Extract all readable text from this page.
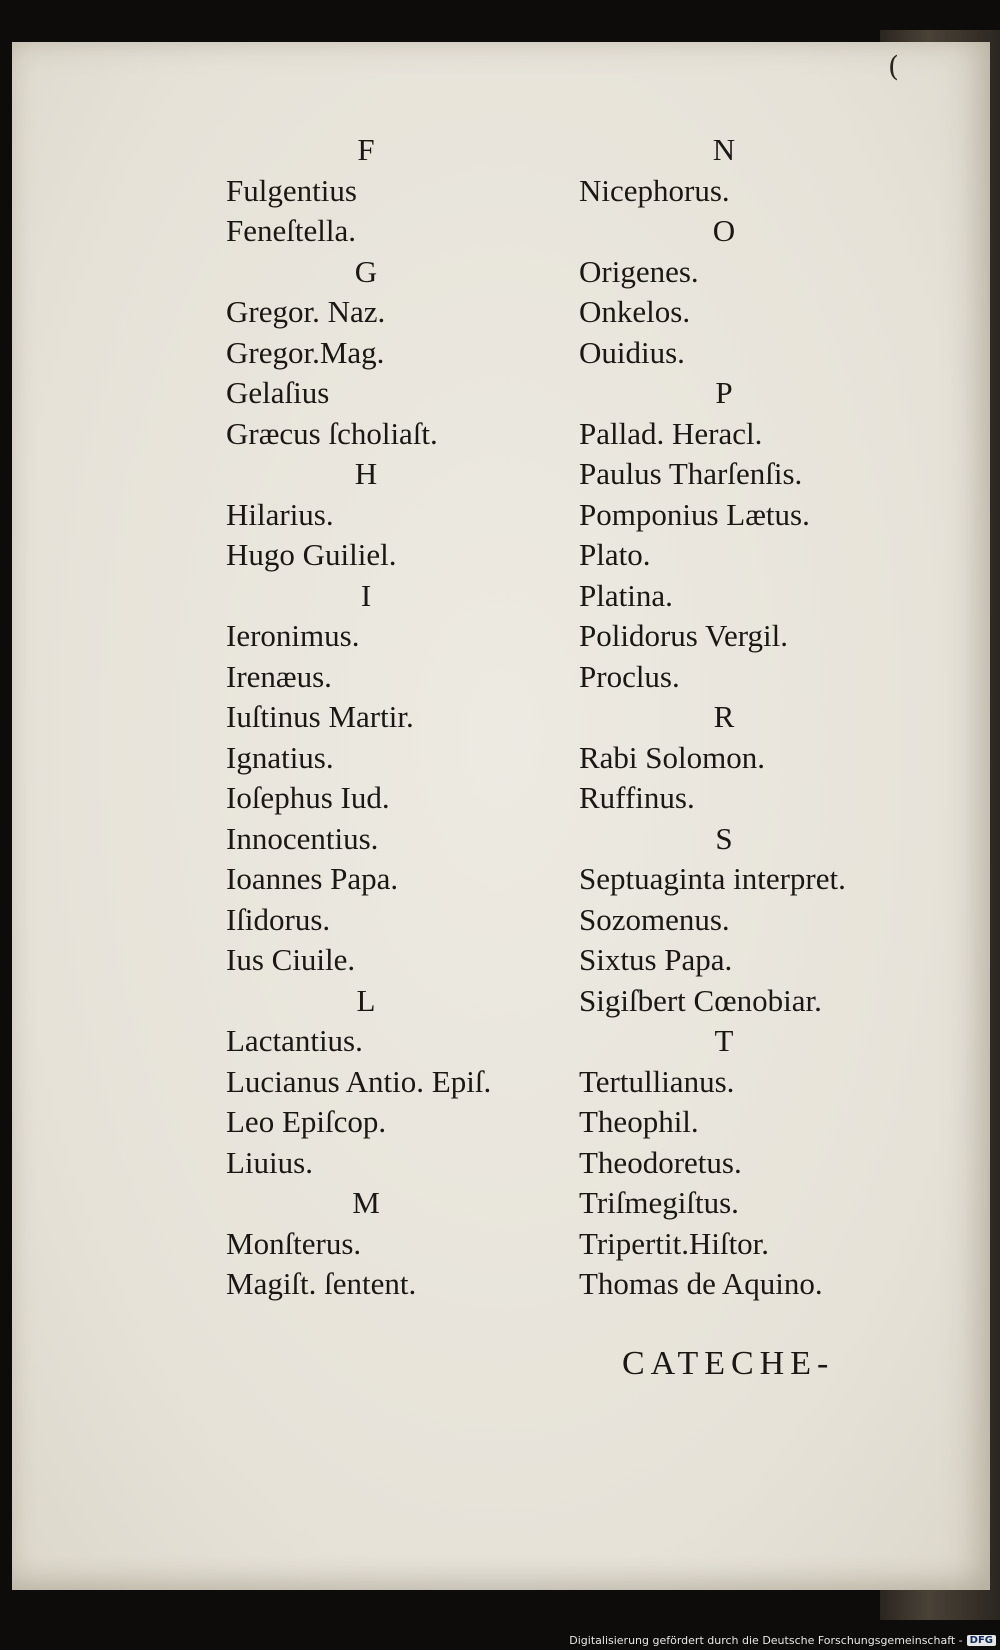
(
F
Fulgentius
Feneſtella.
G
Gregor. Naz.
Gregor.Mag.
Gelaſius
Græcus ſcholiaſt.
H
Hilarius.
Hugo Guiliel.
I
Ieronimus.
Irenæus.
Iuſtinus Martir.
Ignatius.
Ioſephus Iud.
Innocentius.
Ioannes Papa.
Iſidorus.
Ius Ciuile.
L
Lactantius.
Lucianus Antio. Epiſ.
Leo Epiſcop.
Liuius.
M
Monſterus.
Magiſt. ſentent.
N
Nicephorus.
O
Origenes.
Onkelos.
Ouidius.
P
Pallad. Heracl.
Paulus Tharſenſis.
Pomponius Lætus.
Plato.
Platina.
Polidorus Vergil.
Proclus.
R
Rabi Solomon.
Ruffinus.
S
Septuaginta interpret.
Sozomenus.
Sixtus Papa.
Sigiſbert Cœnobiar.
T
Tertullianus.
Theophil.
Theodoretus.
Triſmegiſtus.
Tripertit.Hiſtor.
Thomas de Aquino.
CATECHE-
Digitalisierung gefördert durch die Deutsche Forschungsgemeinschaft - DFG
